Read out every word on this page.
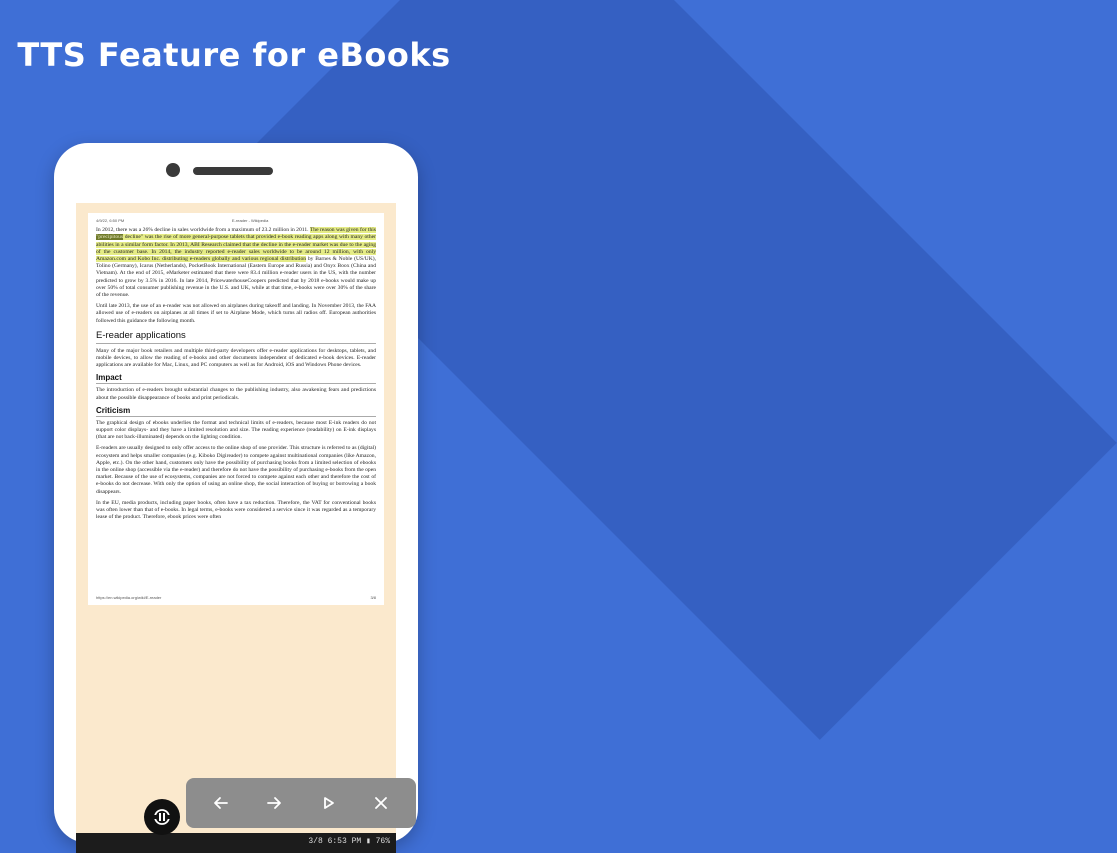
TTS Feature for eBooks
4/9/22, 6:50 PM	E-reader - Wikipedia

In 2012, there was a 26% decline in sales worldwide from a maximum of 23.2 million in 2011. The reason was given for this "precipitous decline" was the rise of more general-purpose tablets that provided e-book reading apps along with many other abilities in a similar form factor. In 2013, ABI Research claimed that the decline in the e-reader market was due to the aging of the customer base. In 2014, the industry reported e-reader sales worldwide to be around 12 million, with only Amazon.com and Kobo Inc. distributing e-readers globally and various regional distribution by Barnes & Noble (US/UK), Tolino (Germany), Icarus (Netherlands), PocketBook International (Eastern Europe and Russia) and Onyx Boox (China and Vietnam). At the end of 2015, eMarketer estimated that there were 83.4 million e-reader users in the US, with the number predicted to grow by 3.5% in 2016. In late 2014, PricewaterhouseCoopers predicted that by 2018 e-books would make up over 50% of total consumer publishing revenue in the U.S. and UK, while at that time, e-books were over 30% of the share of the revenue.

Until late 2013, the use of an e-reader was not allowed on airplanes during takeoff and landing. In November 2013, the FAA allowed use of e-readers on airplanes at all times if set to Airplane Mode, which turns all radios off. European authorities followed this guidance the following month.

E-reader applications

Many of the major book retailers and multiple third-party developers offer e-reader applications for desktops, tablets, and mobile devices, to allow the reading of e-books and other documents independent of dedicated e-book devices. E-reader applications are available for Mac, Linux, and PC computers as well as for Android, iOS and Windows Phone devices.

Impact

The introduction of e-readers brought substantial changes to the publishing industry, also awakening fears and predictions about the possible disappearance of books and print periodicals.

Criticism

The graphical design of ebooks underlies the format and technical limits of e-readers, because most E-ink readers do not support color displays- and they have a limited resolution and size. The reading experience (readability) on E-ink displays (that are not back-illuminated) depends on the lighting condition.

E-readers are usually designed to only offer access to the online shop of one provider. This structure is referred to as (digital) ecosystem and helps smaller companies (e.g. Kiboko Digireader) to compete against multinational companies (like Amazon, Apple, etc.). On the other hand, customers only have the possibility of purchasing books from a limited selection of ebooks in the online shop (accessible via the e-reader) and therefore do not have the possibility of purchasing e-books from the open market. Because of the use of ecosystems, companies are not forced to compete against each other and therefore the cost of e-books do not decrease. With only the option of using an online shop, the social interaction of buying or borrowing a book disappears.

In the EU, media products, including paper books, often have a tax reduction. Therefore, the VAT for conventional books was often lower than that of e-books. In legal terms, e-books were considered a service since it was regarded as a temporary lease of the product. Therefore, ebook prices were often

https://en.wikipedia.org/wiki/E-reader	3/8
3/8 6:53 PM ▮ 76%
